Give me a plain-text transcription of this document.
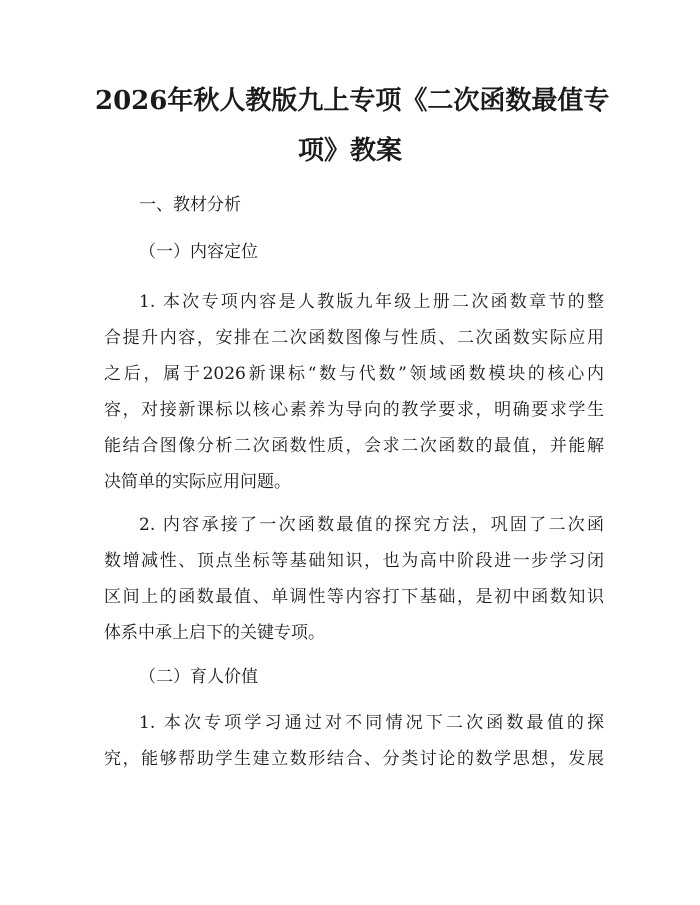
2026年秋人教版九上专项《二次函数最值专
项》教案
一、教材分析
（一）内容定位
1. 本次专项内容是人教版九年级上册二次函数章节的整
合提升内容，安排在二次函数图像与性质、二次函数实际应用
之后，属于2026新课标“数与代数”领域函数模块的核心内
容，对接新课标以核心素养为导向的教学要求，明确要求学生
能结合图像分析二次函数性质，会求二次函数的最值，并能解
决简单的实际应用问题。
2. 内容承接了一次函数最值的探究方法，巩固了二次函
数增减性、顶点坐标等基础知识，也为高中阶段进一步学习闭
区间上的函数最值、单调性等内容打下基础，是初中函数知识
体系中承上启下的关键专项。
（二）育人价值
1. 本次专项学习通过对不同情况下二次函数最值的探
究，能够帮助学生建立数形结合、分类讨论的数学思想，发展
